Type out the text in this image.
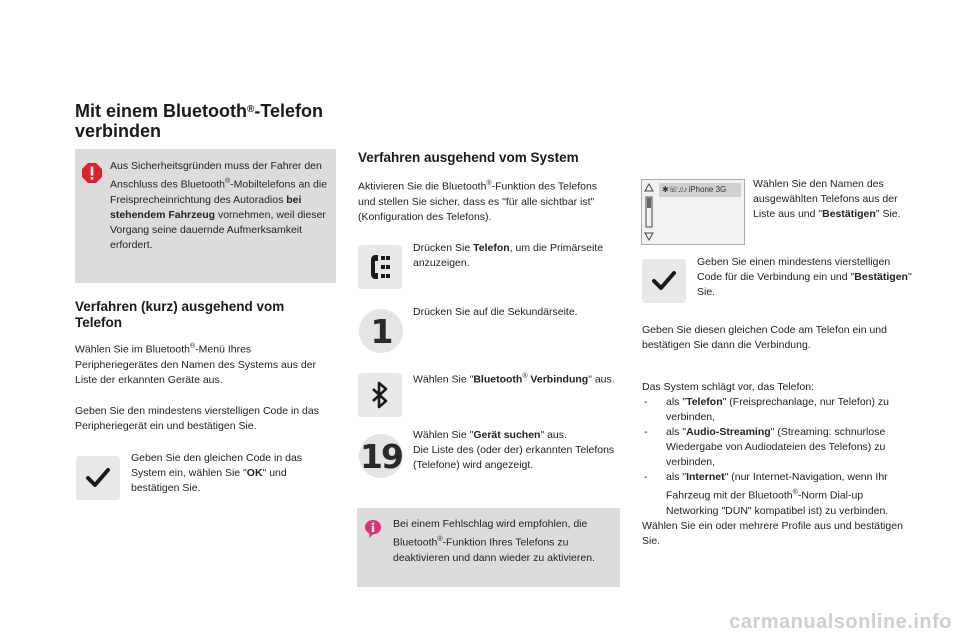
Mit einem Bluetooth®-Telefon
verbinden
Aus Sicherheitsgründen muss der Fahrer den Anschluss des Bluetooth®-Mobiltelefons an die Freisprecheinrichtung des Autoradios bei stehendem Fahrzeug vornehmen, weil dieser Vorgang seine dauernde Aufmerksamkeit erfordert.
Verfahren (kurz) ausgehend vom Telefon
Wählen Sie im Bluetooth®-Menü Ihres Peripheriegerätes den Namen des Systems aus der Liste der erkannten Geräte aus.
Geben Sie den mindestens vierstelligen Code in das Peripheriegerät ein und bestätigen Sie.
Geben Sie den gleichen Code in das System ein, wählen Sie "OK" und bestätigen Sie.
Verfahren ausgehend vom System
Aktivieren Sie die Bluetooth®-Funktion des Telefons und stellen Sie sicher, dass es "für alle sichtbar ist" (Konfiguration des Telefons).
Drücken Sie Telefon, um die Primärseite anzuzeigen.
1	Drücken Sie auf die Sekundärseite.
Wählen Sie "Bluetooth® Verbindung" aus.
19
Wählen Sie "Gerät suchen" aus.
Die Liste des (oder der) erkannten Telefons (Telefone) wird angezeigt.
Bei einem Fehlschlag wird empfohlen, die Bluetooth®-Funktion Ihres Telefons zu deaktivieren und dann wieder zu aktivieren.
✱☏♫♪ iPhone 3G	Wählen Sie den Namen des ausgewählten Telefons aus der Liste aus und "Bestätigen" Sie.
Geben Sie einen mindestens vierstelligen Code für die Verbindung ein und "Bestätigen" Sie.
Geben Sie diesen gleichen Code am Telefon ein und bestätigen Sie dann die Verbindung.
Das System schlägt vor, das Telefon:
- als "Telefon" (Freisprechanlage, nur Telefon) zu verbinden,
- als "Audio-Streaming" (Streaming: schnurlose Wiedergabe von Audiodateien des Telefons) zu verbinden,
- als "Internet" (nur Internet-Navigation, wenn Ihr Fahrzeug mit der Bluetooth®-Norm Dial-up Networking "DUN" kompatibel ist) zu verbinden.
Wählen Sie ein oder mehrere Profile aus und bestätigen Sie.
carmanualsonline.info
